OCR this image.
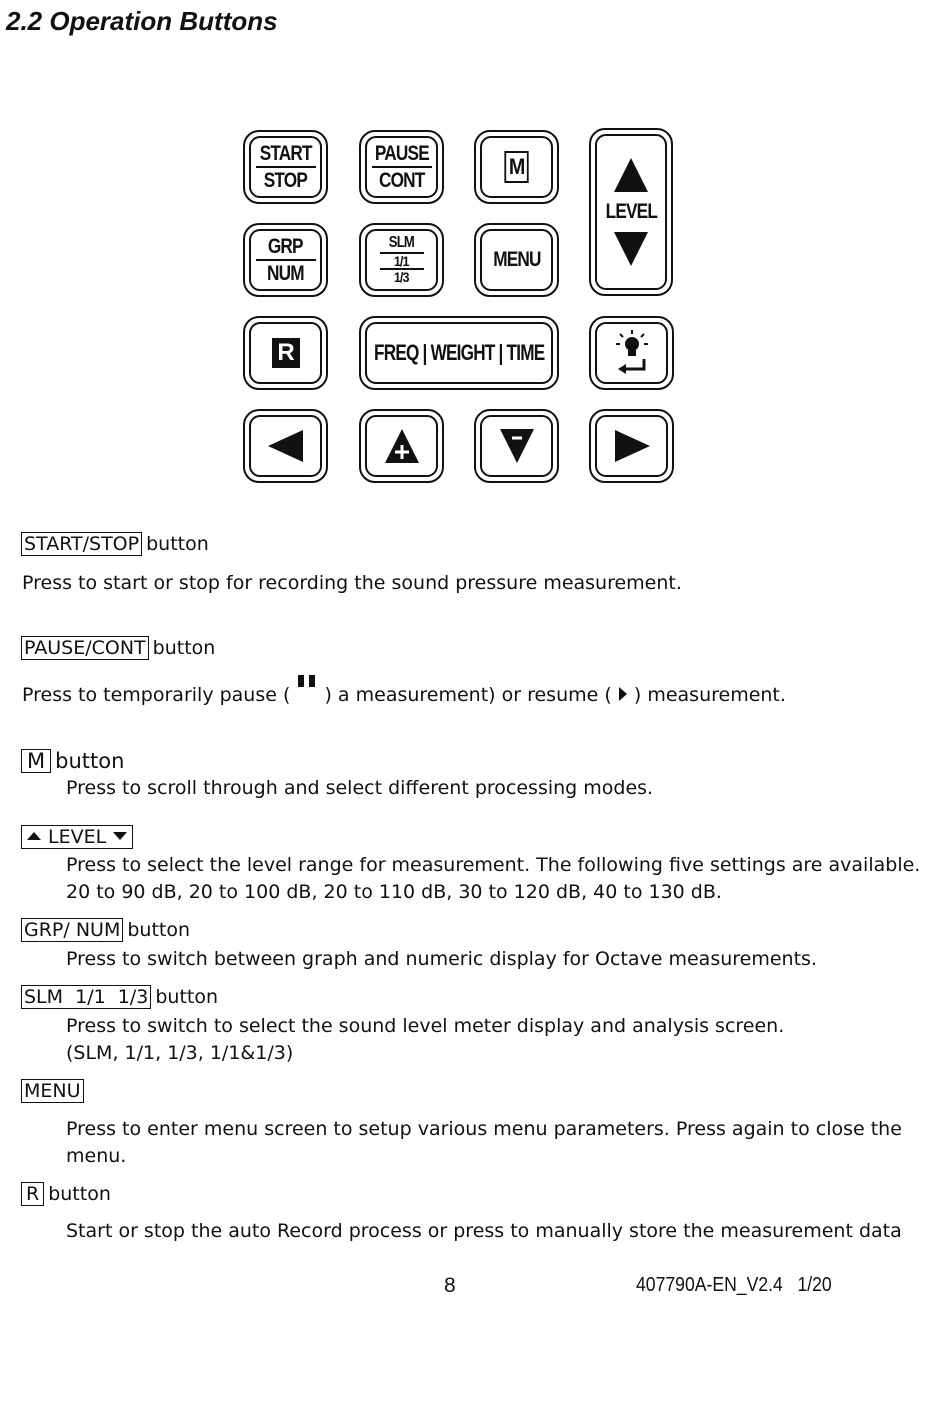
2.2 Operation Buttons
START
STOP
PAUSE
CONT
M
LEVEL
GRP
NUM
SLM
1/1
1/3
MENU
R	FREQ | WEIGHT | TIME
START/STOP button
Press to start or stop for recording the sound pressure measurement.
PAUSE/CONT button
Press to temporarily pause ( ) a measurement) or resume ( ) measurement.
M button
Press to scroll through and select different processing modes.
LEVEL
Press to select the level range for measurement. The following five settings are available.
20 to 90 dB, 20 to 100 dB, 20 to 110 dB, 30 to 120 dB, 40 to 130 dB.
GRP/ NUM button
Press to switch between graph and numeric display for Octave measurements.
SLM  1/1  1/3 button
Press to switch to select the sound level meter display and analysis screen.
(SLM, 1/1, 1/3, 1/1&1/3)
MENU
Press to enter menu screen to setup various menu parameters. Press again to close the
menu.
R button
Start or stop the auto Record process or press to manually store the measurement data
8	407790A-EN_V2.4   1/20
